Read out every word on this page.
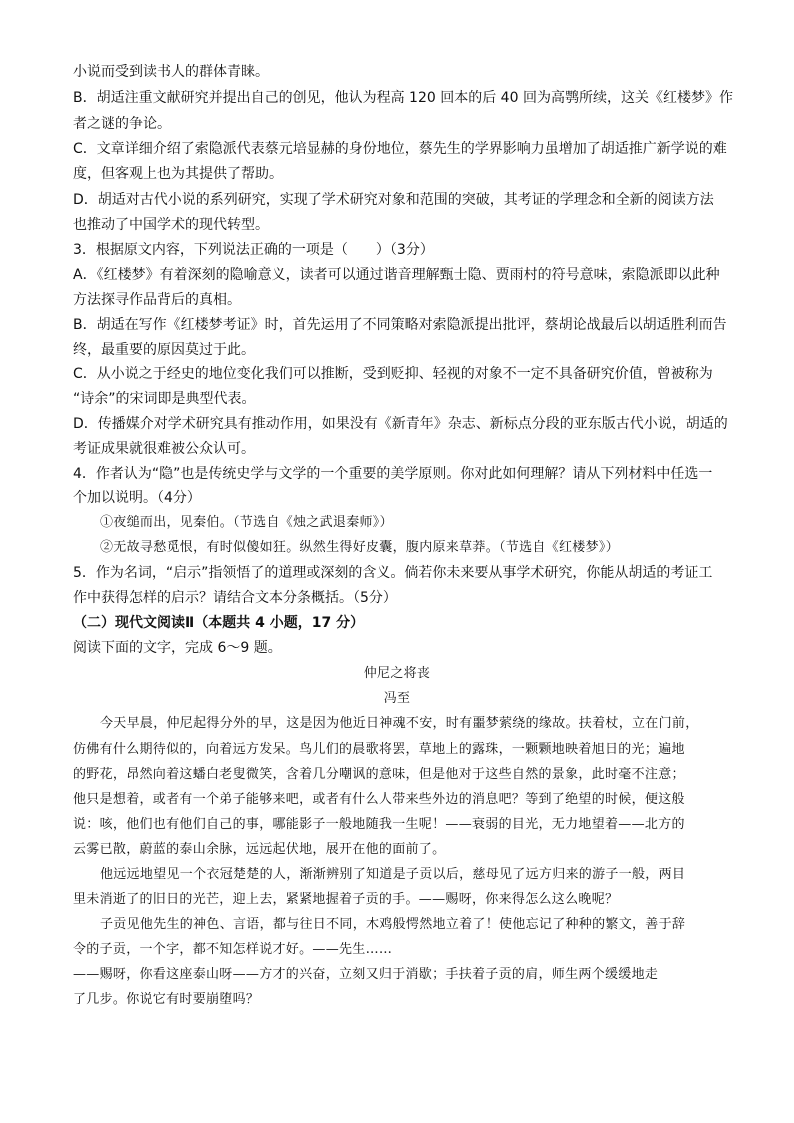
小说而受到读书人的群体青睐。
B．胡适注重文献研究并提出自己的创见，他认为程高 120 回本的后 40 回为高鹗所续，这关《红楼梦》作
者之谜的争论。
C．文章详细介绍了索隐派代表蔡元培显赫的身份地位，蔡先生的学界影响力虽增加了胡适推广新学说的难
度，但客观上也为其提供了帮助。
D．胡适对古代小说的系列研究，实现了学术研究对象和范围的突破，其考证的学理念和全新的阅读方法
也推动了中国学术的现代转型。
3．根据原文内容，下列说法正确的一项是（　　）（3分）
A．《红楼梦》有着深刻的隐喻意义，读者可以通过谐音理解甄士隐、贾雨村的符号意味，索隐派即以此种
方法探寻作品背后的真相。
B．胡适在写作《红楼梦考证》时，首先运用了不同策略对索隐派提出批评，蔡胡论战最后以胡适胜利而告
终，最重要的原因莫过于此。
C．从小说之于经史的地位变化我们可以推断，受到贬抑、轻视的对象不一定不具备研究价值，曾被称为
“诗余”的宋词即是典型代表。
D．传播媒介对学术研究具有推动作用，如果没有《新青年》杂志、新标点分段的亚东版古代小说，胡适的
考证成果就很难被公众认可。
4．作者认为“隐”也是传统史学与文学的一个重要的美学原则。你对此如何理解？请从下列材料中任选一
个加以说明。（4分）
①夜缒而出，见秦伯。（节选自《烛之武退秦师》）
②无故寻愁觅恨，有时似傻如狂。纵然生得好皮囊，腹内原来草莽。（节选自《红楼梦》）
5．作为名词，“启示”指领悟了的道理或深刻的含义。倘若你未来要从事学术研究，你能从胡适的考证工
作中获得怎样的启示？请结合文本分条概括。（5分）
（二）现代文阅读Ⅱ（本题共 4 小题，17 分）
阅读下面的文字，完成 6～9 题。
仲尼之将丧
冯至
今天早晨，仲尼起得分外的早，这是因为他近日神魂不安，时有噩梦萦绕的缘故。扶着杖，立在门前，
仿佛有什么期待似的，向着远方发呆。鸟儿们的晨歌将罢，草地上的露珠，一颗颗地映着旭日的光；遍地
的野花，昂然向着这蟠白老叟微笑，含着几分嘲讽的意味，但是他对于这些自然的景象，此时毫不注意；
他只是想着，或者有一个弟子能够来吧，或者有什么人带来些外边的消息吧？等到了绝望的时候，便这般
说：咳，他们也有他们自己的事，哪能影子一般地随我一生呢！——衰弱的目光，无力地望着——北方的
云雾已散，蔚蓝的泰山余脉，远远起伏地，展开在他的面前了。
他远远地望见一个衣冠楚楚的人，渐渐辨别了知道是子贡以后，慈母见了远方归来的游子一般，两目
里未消逝了的旧日的光芒，迎上去，紧紧地握着子贡的手。——赐呀，你来得怎么这么晚呢？
子贡见他先生的神色、言语，都与往日不同，木鸡般愕然地立着了！使他忘记了种种的繁文，善于辞
令的子贡，一个字，都不知怎样说才好。——先生……
——赐呀，你看这座泰山呀——方才的兴奋，立刻又归于消歇；手扶着子贡的肩，师生两个缓缓地走
了几步。你说它有时要崩堕吗？
